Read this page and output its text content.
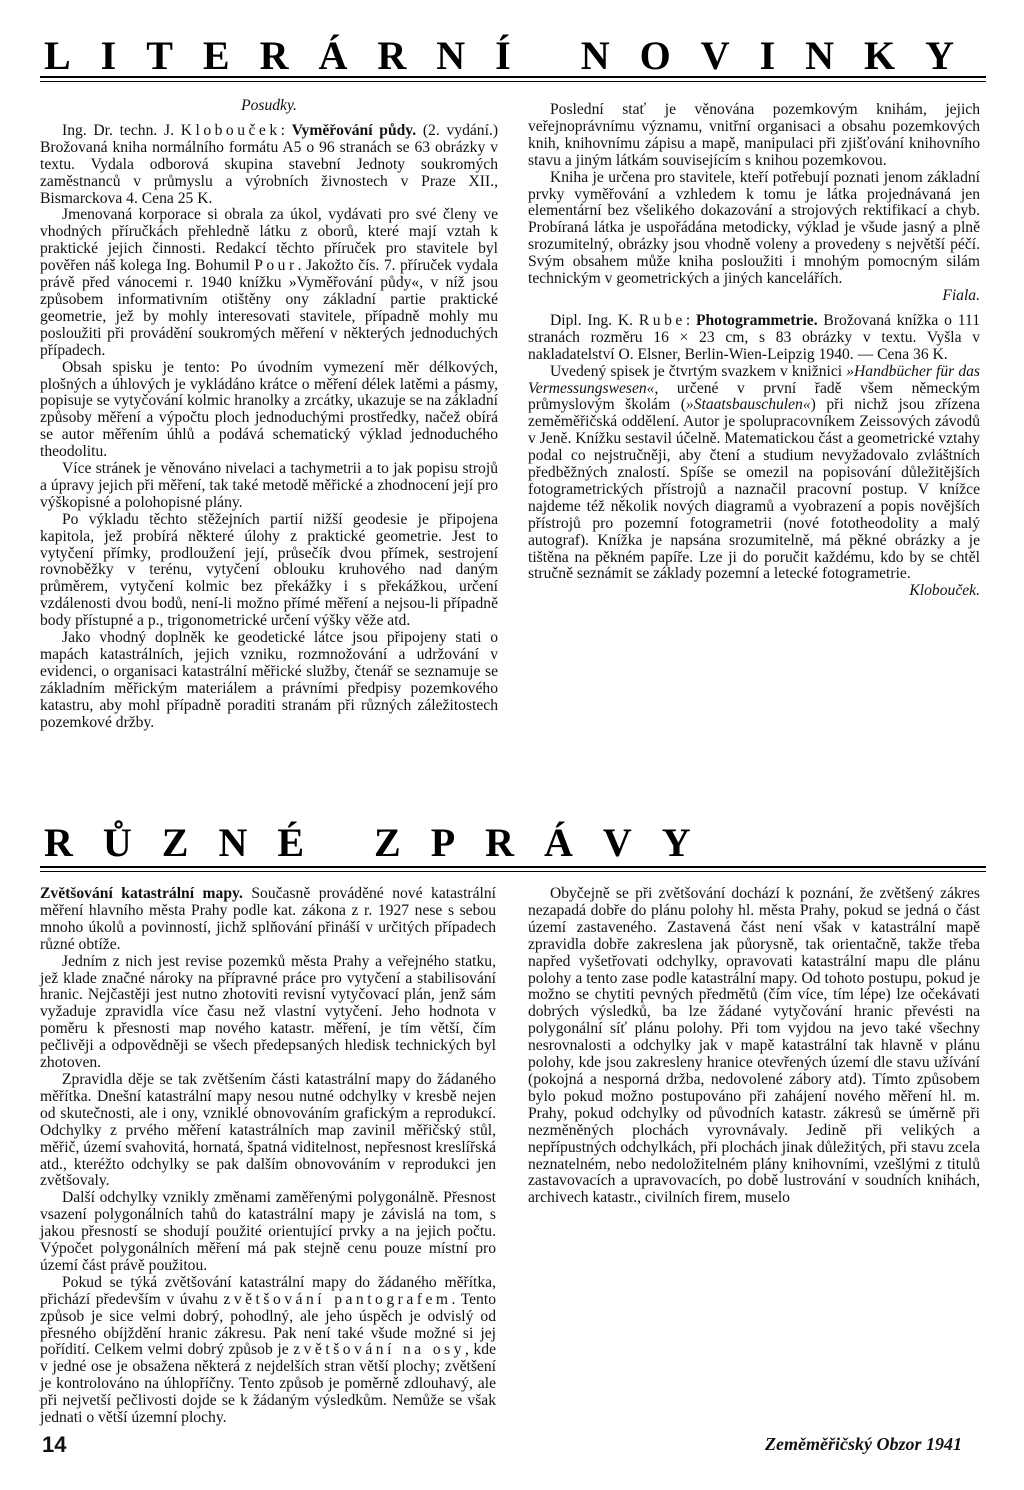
LITERÁRNÍ NOVINKY

Posudky.

Ing. Dr. techn. J. Klobouček: Vyměřování půdy. (2. vydání.) Brožovaná kniha normálního formátu A5 o 96 stranách se 63 obrázky v textu. Vydala odborová skupina stavební Jednoty soukromých zaměstnanců v průmyslu a výrobních živnostech v Praze XII., Bismarckova 4. Cena 25 K.

Jmenovaná korporace si obrala za úkol, vydávati pro své členy ve vhodných příručkách přehledně látku z oborů, které mají vztah k praktické jejich činnosti. Redakcí těchto příruček pro stavitele byl pověřen náš kolega Ing. Bohumil Pour. Jakožto čís. 7. příruček vydala právě před vánocemi r. 1940 knížku »Vyměřování půdy«, v níž jsou způsobem informativním otištěny ony základní partie praktické geometrie, jež by mohly interesovati stavitele, případně mohly mu posloužiti při provádění soukromých měření v některých jednoduchých případech.

Obsah spisku je tento: Po úvodním vymezení měr délkových, plošných a úhlových je vykládáno krátce o měření délek latěmi a pásmy, popisuje se vytyčování kolmic hranolky a zrcátky, ukazuje se na základní způsoby měření a výpočtu ploch jednoduchými prostředky, načež obírá se autor měřením úhlů a podává schematický výklad jednoduchého theodolitu.

Více stránek je věnováno nivelaci a tachymetrii a to jak popisu strojů a úpravy jejich při měření, tak také metodě měřické a zhodnocení její pro výškopisné a polohopisné plány.

Po výkladu těchto stěžejních partií nižší geodesie je připojena kapitola, jež probírá některé úlohy z praktické geometrie. Jest to vytyčení přímky, prodloužení její, průsečík dvou přímek, sestrojení rovnoběžky v terénu, vytyčení oblouku kruhového nad daným průměrem, vytyčení kolmic bez překážky i s překážkou, určení vzdálenosti dvou bodů, není-li možno přímé měření a nejsou-li případně body přístupné a p., trigonometrické určení výšky věže atd.

Jako vhodný doplněk ke geodetické látce jsou připojeny stati o mapách katastrálních, jejich vzniku, rozmnožování a udržování v evidenci, o organisaci katastrální měřické služby, čtenář se seznamuje se základním měřickým materiálem a právními předpisy pozemkového katastru, aby mohl případně poraditi stranám při různých záležitostech pozemkové držby.

Poslední stať je věnována pozemkovým knihám, jejich veřejnoprávnímu významu, vnitřní organisaci a obsahu pozemkových knih, knihovnímu zápisu a mapě, manipulaci při zjišťování knihovního stavu a jiným látkám souvisejícím s knihou pozemkovou.

Kniha je určena pro stavitele, kteří potřebují poznati jenom základní prvky vyměřování a vzhledem k tomu je látka projednávaná jen elementární bez všelikého dokazování a strojových rektifikací a chyb. Probíraná látka je uspořádána metodicky, výklad je všude jasný a plně srozumitelný, obrázky jsou vhodně voleny a provedeny s největší péčí. Svým obsahem může kniha posloužiti i mnohým pomocným silám technickým v geometrických a jiných kancelářích.

Fiala.

Dipl. Ing. K. Rube: Photogrammetrie. Brožovaná knížka o 111 stranách rozměru 16 × 23 cm, s 83 obrázky v textu. Vyšla v nakladatelství O. Elsner, Berlin-Wien-Leipzig 1940. — Cena 36 K.

Uvedený spisek je čtvrtým svazkem v knižnici »Handbücher für das Vermessungswesen«, určené v první řadě všem německým průmyslovým školám (»Staatsbauschulen«) při nichž jsou zřízena zeměměřičská oddělení. Autor je spolupracovníkem Zeissových závodů v Jeně. Knížku sestavil účelně. Matematickou část a geometrické vztahy podal co nejstručněji, aby čtení a studium nevyžadovalo zvláštních předběžných znalostí. Spíše se omezil na popisování důležitějších fotogrametrických přístrojů a naznačil pracovní postup. V knížce najdeme též několik nových diagramů a vyobrazení a popis novějších přístrojů pro pozemní fotogrametrii (nové fototheodolity a malý autograf). Knížka je napsána srozumitelně, má pěkné obrázky a je tištěna na pěkném papíře. Lze ji do poručit každému, kdo by se chtěl stručně seznámit se základy pozemní a letecké fotogrametrie.

Klobouček.

RŮZNÉ ZPRÁVY

Zvětšování katastrální mapy. Současně prováděné nové katastrální měření hlavního města Prahy podle kat. zákona z r. 1927 nese s sebou mnoho úkolů a povinností, jichž splňování přináší v určitých případech různé obtíže.

Jedním z nich jest revise pozemků města Prahy a veřejného statku, jež klade značné nároky na přípravné práce pro vytyčení a stabilisování hranic. Nejčastěji jest nutno zhotoviti revisní vytyčovací plán, jenž sám vyžaduje zpravidla více času než vlastní vytyčení. Jeho hodnota v poměru k přesnosti map nového katastr. měření, je tím větší, čím pečlivěji a odpovědněji se všech předepsaných hledisk technických byl zhotoven.

Zpravidla děje se tak zvětšením části katastrální mapy do žádaného měřítka. Dnešní katastrální mapy nesou nutné odchylky v kresbě nejen od skutečnosti, ale i ony, vzniklé obnovováním grafickým a reprodukcí. Odchylky z prvého měření katastrálních map zavinil měřičský stůl, měřič, území svahovitá, hornatá, špatná viditelnost, nepřesnost kreslířská atd., kteréžto odchylky se pak dalším obnovováním v reprodukci jen zvětšovaly.

Další odchylky vznikly změnami zaměřenými polygonálně. Přesnost vsazení polygonálních tahů do katastrální mapy je závislá na tom, s jakou přesností se shodují použité orientující prvky a na jejich počtu. Výpočet polygonálních měření má pak stejně cenu pouze místní pro území část právě použitou.

Pokud se týká zvětšování katastrální mapy do žádaného měřítka, přichází především v úvahu zvětšování pantografem. Tento způsob je sice velmi dobrý, pohodlný, ale jeho úspěch je odvislý od přesného obíjždění hranic zákresu. Pak není také všude možné si jej pořídití. Celkem velmi dobrý způsob je zvětšování na osy, kde v jedné ose je obsažena některá z nejdelších stran větší plochy; zvětšení je kontrolováno na úhlopříčny. Tento způsob je poměrně zdlouhavý, ale při nejvetší pečlivosti dojde se k žádaným výsledkům. Nemůže se však jednati o větší územní plochy.

Obyčejně se při zvětšování dochází k poznání, že zvětšený zákres nezapadá dobře do plánu polohy hl. města Prahy, pokud se jedná o část území zastaveného. Zastavená část není však v katastrální mapě zpravidla dobře zakreslena jak půorysně, tak orientačně, takže třeba napřed vyšetřovati odchylky, opravovati katastrální mapu dle plánu polohy a tento zase podle katastrální mapy. Od tohoto postupu, pokud je možno se chytiti pevných předmětů (čím více, tím lépe) lze očekávati dobrých výsledků, ba lze žádané vytyčování hranic převésti na polygonální síť plánu polohy. Při tom vyjdou na jevo také všechny nesrovnalosti a odchylky jak v mapě katastrální tak hlavně v plánu polohy, kde jsou zakresleny hranice otevřených území dle stavu užívání (pokojná a nesporná držba, nedovolené zábory atd). Tímto způsobem bylo pokud možno postupováno při zahájení nového měření hl. m. Prahy, pokud odchylky od původních katastr. zákresů se úměrně při nezměněných plochách vyrovnávaly. Jedině při velikých a nepřípustných odchylkách, při plochách jinak důležitých, při stavu zcela neznatelném, nebo nedoložitelném plány knihovními, vzešlými z titulů zastavovacích a upravovacích, po době lustrování v soudních knihách, archivech katastr., civilních firem, muselo

14	Zeměměřičský Obzor 1941
